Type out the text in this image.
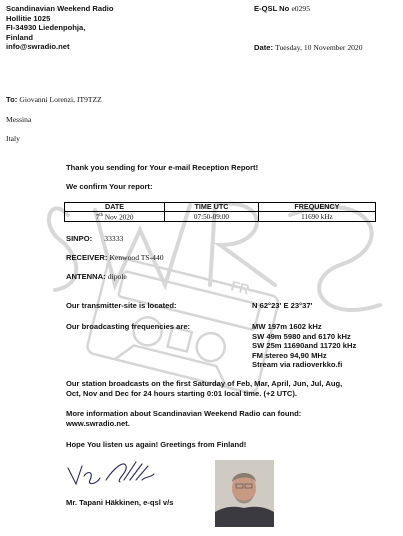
FR
Scandinavian Weekend Radio
Hollitie 1025
FI-34930 Liedenpohja,
Finland
info@swradio.net
E-QSL No e0295
Date: Tuesday, 10 November 2020
To: Giovanni Lorenzi, IT9TZZ
Messina
Italy
Thank you sending for Your e-mail Reception Report!
We confirm Your report:
DATE	TIME UTC	FREQUENCY
7th Nov 2020	07:50-09:00	11690 kHz
SINPO: 33333
RECEIVER: Kenwood TS-440
ANTENNA: dipole
Our transmitter-site is located:	N 62°23' E 23°37'
Our broadcasting frequencies are:	MW 197m 1602 kHz
SW 49m 5980 and 6170 kHz
SW 25m 11690and 11720 kHz
FM stereo 94,90 MHz
Stream via radioverkko.fi
Our station broadcasts on the first Saturday of Feb, Mar, April, Jun, Jul, Aug,
Oct, Nov and Dec for 24 hours starting 0:01 local time. (+2 UTC).
More information about Scandinavian Weekend Radio can found:
www.swradio.net.
Hope You listen us again! Greetings from Finland!
Mr. Tapani Häkkinen, e-qsl v/s
